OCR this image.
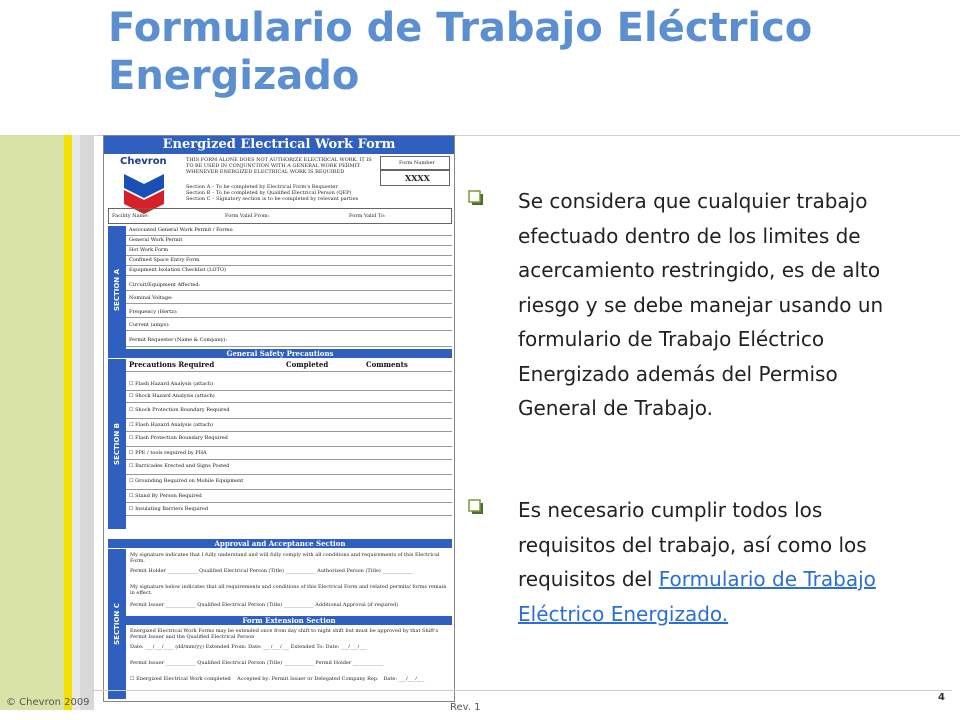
Formulario de Trabajo Eléctrico Energizado
Energized Electrical Work Form
Chevron	THIS FORM ALONE DOES NOT AUTHORIZE ELECTRICAL WORK. IT IS TO BE USED IN CONJUNCTION WITH A GENERAL WORK PERMIT WHENEVER ENERGIZED ELECTRICAL WORK IS REQUIRED
Form Number
XXXX
Section A – To be completed by Electrical Form's Requester
Section B – To be completed by Qualified Electrical Person (QEP)
Section C – Signatory section is to be completed by relevant parties
Facility Name:	Form Valid From:	Form Valid To:
SECTION A
Associated General Work Permit / Forms:
General Work Permit
Hot Work Form
Confined Space Entry Form
Equipment Isolation Checklist (LOTO)
Circuit/Equipment Affected:
Nominal Voltage:
Frequency (Hertz):
Current (amps):
Permit Requester (Name & Company):
General Safety Precautions
SECTION B
Precautions Required	Completed	Comments
☐ Flash Hazard Analysis (attach)
☐ Shock Hazard Analysis (attach)
☐ Shock Protection Boundary Required
☐ Flash Hazard Analysis (attach)
☐ Flash Protection Boundary Required
☐ PPE / tools required by FHA
☐ Barricades Erected and Signs Posted
☐ Grounding Required on Mobile Equipment
☐ Stand By Person Required
☐ Insulating Barriers Required
Approval and Acceptance Section
SECTION C
My signature indicates that I fully understand and will fully comply with all conditions and requirements of this Electrical Form.
Permit Holder ____________ Qualified Electrical Person (Title) ____________ Authorized Person (Title) ____________
My signature below indicates that all requirements and conditions of this Electrical Form and related permits/ forms remain in effect.
Permit Issuer ____________ Qualified Electrical Person (Title) ____________ Additional Approval (if required)
Form Extension Section
Energized Electrical Work Forms may be extended once from day shift to night shift but must be approved by that Shift's Permit Issuer and the Qualified Electrical Person
Date: ___/___/____ (dd/mm/yy) Extended From: Date: ___/___/___ Extended To: Date: ___/___/___
Permit Issuer ____________ Qualified Electrical Person (Title) ____________ Permit Holder ____________
☐ Energized Electrical Work completed    Accepted by: Permit Issuer or Delegated Company Rep.   Date: ___/___/___

Se considera que cualquier trabajo efectuado dentro de los limites de acercamiento restringido, es de alto riesgo y se debe manejar usando un formulario de Trabajo Eléctrico Energizado además del Permiso General de Trabajo.

Es necesario cumplir todos los requisitos del trabajo, así como los requisitos del Formulario de Trabajo Eléctrico Energizado.

© Chevron 2009	Rev. 1
4
